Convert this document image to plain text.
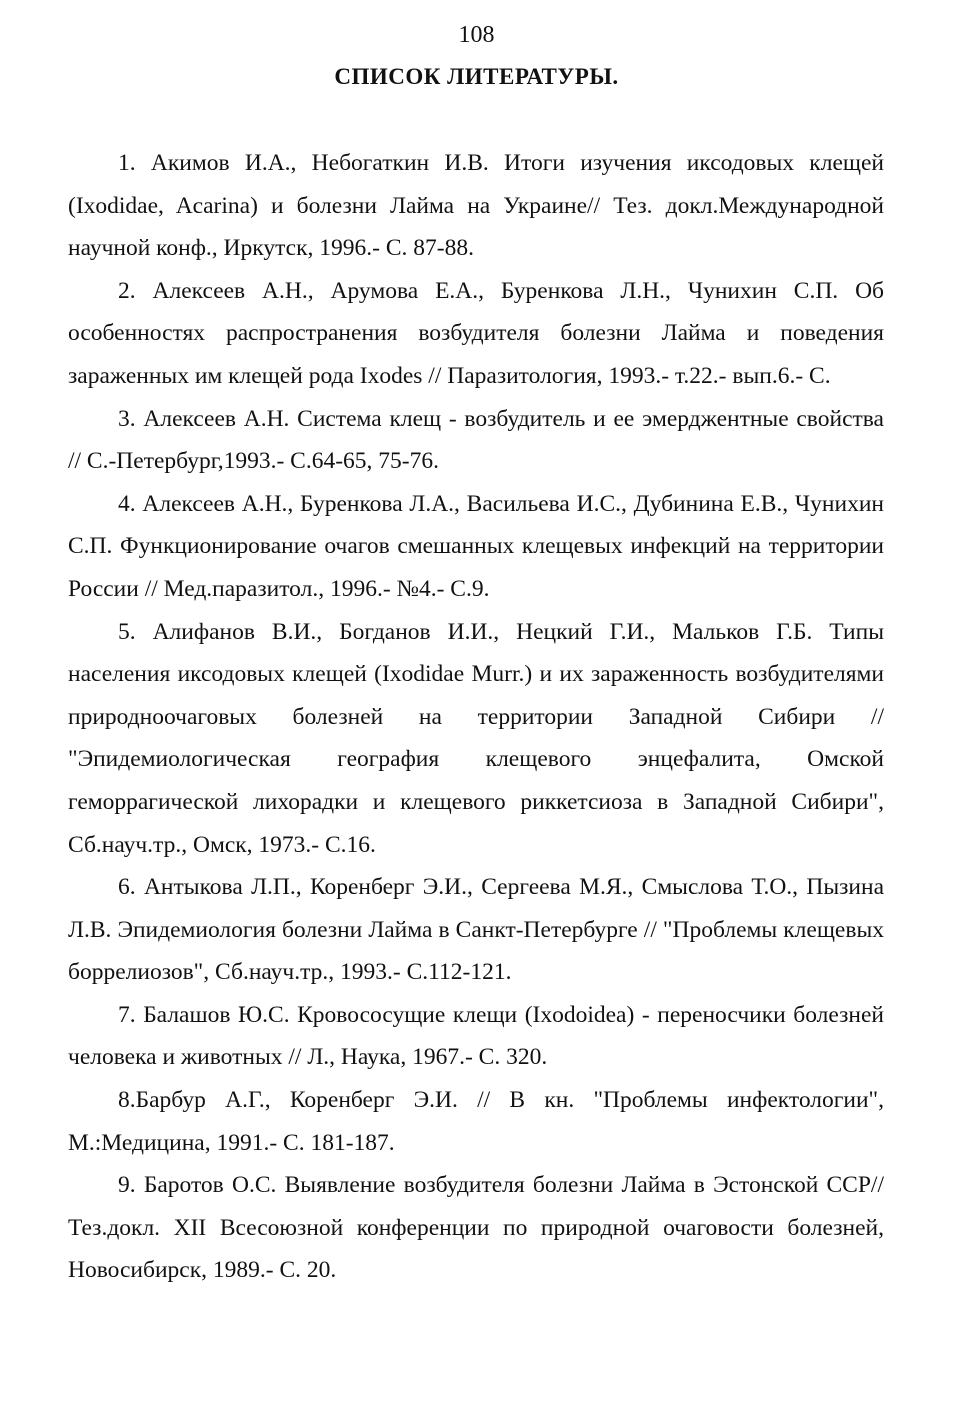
108
СПИСОК ЛИТЕРАТУРЫ.

1. Акимов И.А., Небогаткин И.В. Итоги изучения иксодовых клещей (Ixodidae, Acarina) и болезни Лайма на Украине// Тез. докл.Международной научной конф., Иркутск, 1996.- С. 87-88.

2. Алексеев А.Н., Арумова Е.А., Буренкова Л.Н., Чунихин С.П. Об особенностях распространения возбудителя болезни Лайма и поведения зараженных им клещей рода Ixodes // Паразитология, 1993.- т.22.- вып.6.- С.

3. Алексеев А.Н. Система клещ - возбудитель и ее эмерджентные свойства // С.-Петербург,1993.- С.64-65, 75-76.

4. Алексеев А.Н., Буренкова Л.А., Васильева И.С., Дубинина Е.В., Чунихин С.П. Функционирование очагов смешанных клещевых инфекций на территории России // Мед.паразитол., 1996.- №4.- С.9.

5. Алифанов В.И., Богданов И.И., Нецкий Г.И., Мальков Г.Б. Типы населения иксодовых клещей (Ixodidae Murr.) и их зараженность возбудителями природноочаговых болезней на территории Западной Сибири // "Эпидемиологическая география клещевого энцефалита, Омской геморрагической лихорадки и клещевого риккетсиоза в Западной Сибири", Сб.науч.тр., Омск, 1973.- С.16.

6. Антыкова Л.П., Коренберг Э.И., Сергеева М.Я., Смыслова Т.О., Пызина Л.В. Эпидемиология болезни Лайма в Санкт-Петербурге // "Проблемы клещевых боррелиозов", Сб.науч.тр., 1993.- С.112-121.

7. Балашов Ю.С. Кровососущие клещи (Ixodoidea) - переносчики болезней человека и животных // Л., Наука, 1967.- С. 320.

8.Барбур А.Г., Коренберг Э.И. // В кн. "Проблемы инфектологии", М.:Медицина, 1991.- С. 181-187.

9. Баротов О.С. Выявление возбудителя болезни Лайма в Эстонской ССР// Тез.докл. XII Всесоюзной конференции по природной очаговости болезней, Новосибирск, 1989.- С. 20.
